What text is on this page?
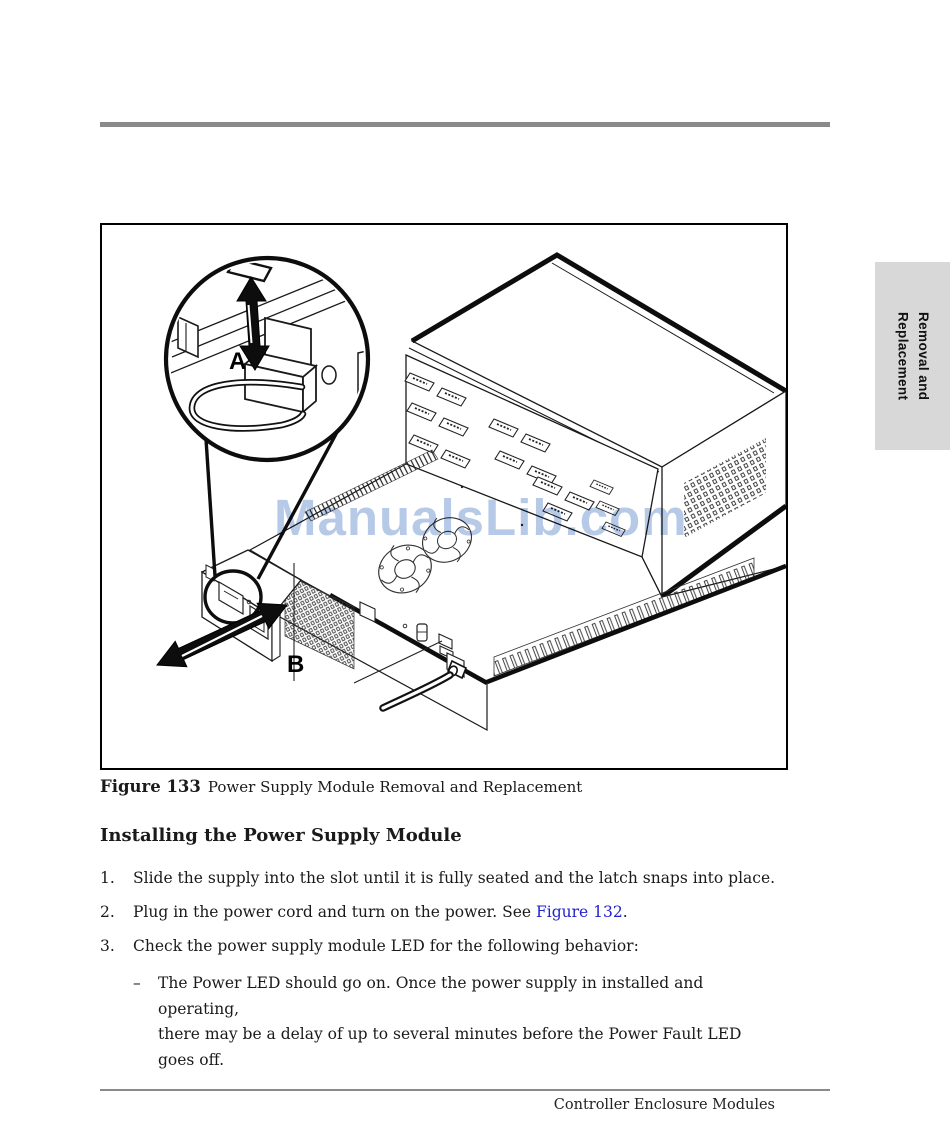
Removal and
Replacement
A
B
ManualsLib.com
Figure 133 Power Supply Module Removal and Replacement
Installing the Power Supply Module
1.	Slide the supply into the slot until it is fully seated and the latch snaps into place.
2.	Plug in the power cord and turn on the power. See Figure 132.
3.	Check the power supply module LED for the following behavior:
–	The Power LED should go on. Once the power supply in installed and operating,
there may be a delay of up to several minutes before the Power Fault LED goes off.
Controller Enclosure Modules
